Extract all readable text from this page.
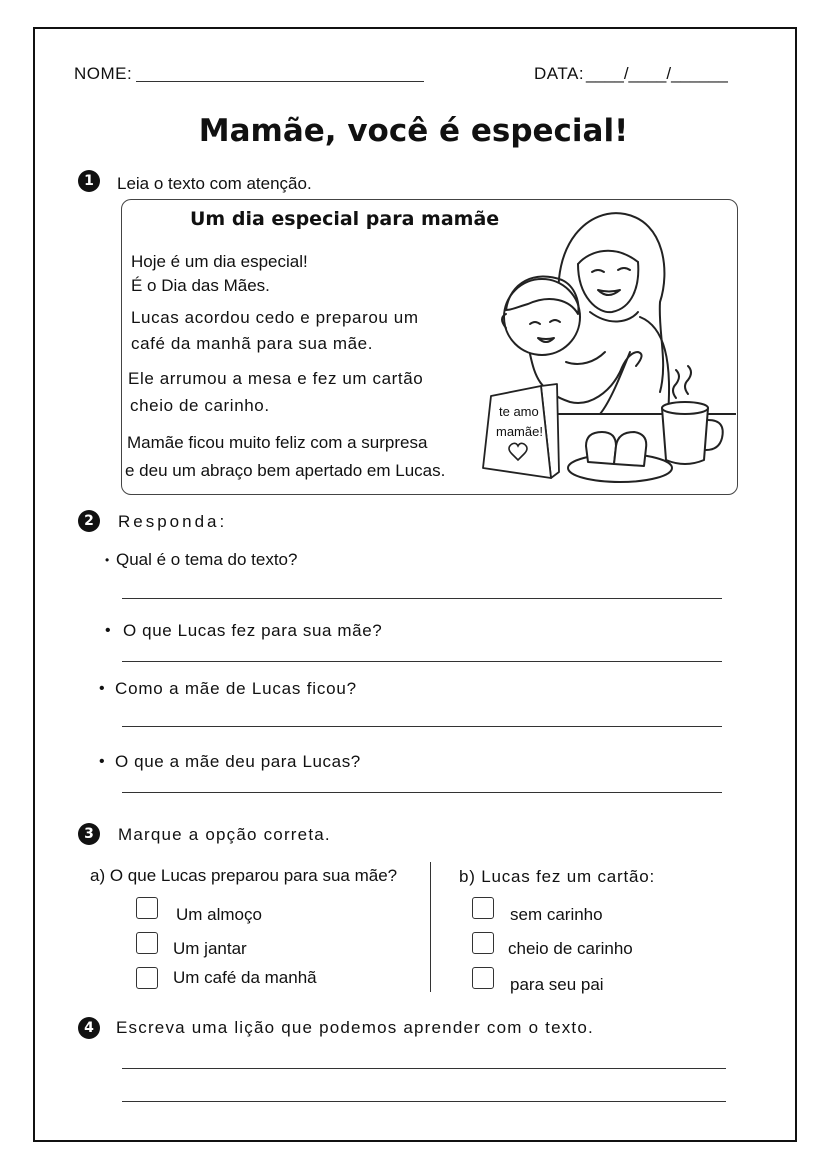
NOME:	DATA: ____/____/______
Mamãe, você é especial!
1	Leia o texto com atenção.
Um dia especial para mamãe
Hoje é um dia especial!
É o Dia das Mães.
Lucas acordou cedo e preparou um
café da manhã para sua mãe.
Ele arrumou a mesa e fez um cartão
cheio de carinho.
Mamãe ficou muito feliz com a surpresa
e deu um abraço bem apertado em Lucas.
te amo
mamãe!
2	Responda:
• Qual é o tema do texto?
• O que Lucas fez para sua mãe?
• Como a mãe de Lucas ficou?
• O que a mãe deu para Lucas?
3	Marque a opção correta.
a) O que Lucas preparou para sua mãe?
Um almoço
Um jantar
Um café da manhã
b) Lucas fez um cartão:
sem carinho
cheio de carinho
para seu pai
4	Escreva uma lição que podemos aprender com o texto.
